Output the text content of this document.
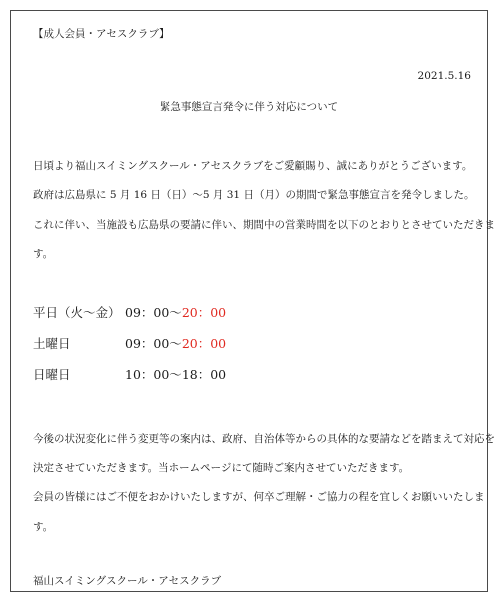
【成人会員・アセスクラブ】
2021.5.16
緊急事態宣言発令に伴う対応について
日頃より福山スイミングスクール・アセスクラブをご愛顧賜り、誠にありがとうございます。
政府は広島県に 5 月 16 日（日）～5 月 31 日（月）の期間で緊急事態宣言を発令しました。
これに伴い、当施設も広島県の要請に伴い、期間中の営業時間を以下のとおりとさせていただきま
す。
平日（火～金） 09：00～20：00
土曜日	09：00～20：00
日曜日	10：00～18：00
今後の状況変化に伴う変更等の案内は、政府、自治体等からの具体的な要請などを踏まえて対応を
決定させていただきます。当ホームページにて随時ご案内させていただきます。
会員の皆様にはご不便をおかけいたしますが、何卒ご理解・ご協力の程を宜しくお願いいたしま
す。
福山スイミングスクール・アセスクラブ
